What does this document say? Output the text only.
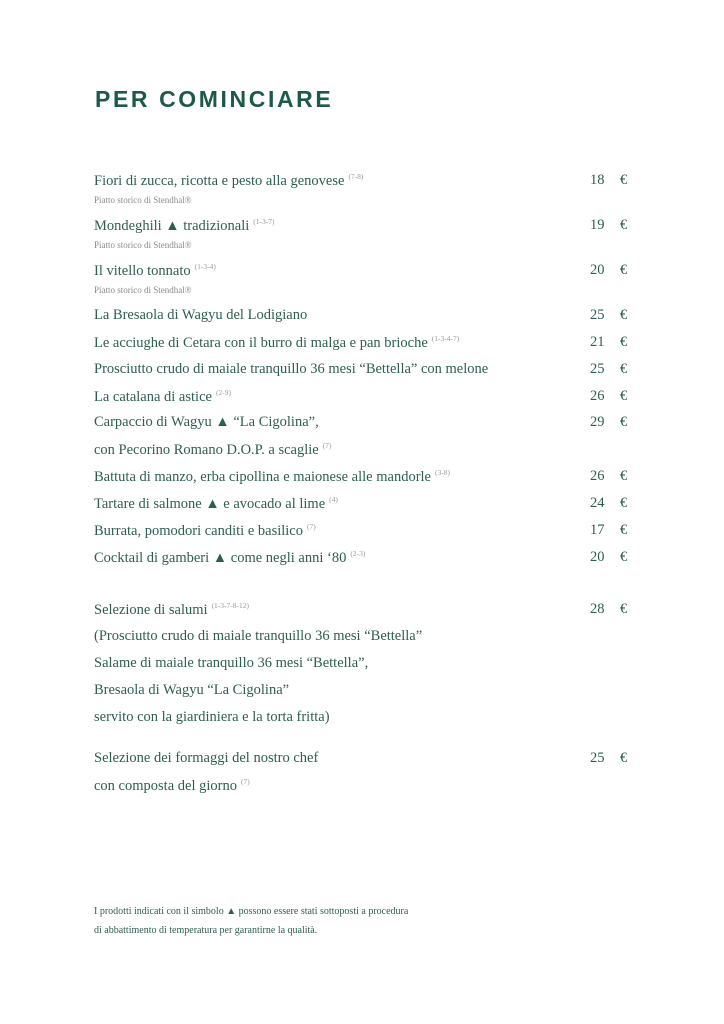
PER COMINCIARE
Fiori di zucca, ricotta e pesto alla genovese $^{(7-8)}$	18 €
Piatto storico di Stendhal®
Mondeghili ▲ tradizionali $^{(1-3-7)}$	19 €
Piatto storico di Stendhal®
Il vitello tonnato $^{(1-3-4)}$	20 €
Piatto storico di Stendhal®
La Bresaola di Wagyu del Lodigiano	25 €
Le acciughe di Cetara con il burro di malga e pan brioche $^{(1-3-4-7)}$	21 €
Prosciutto crudo di maiale tranquillo 36 mesi “Bettella” con melone	25 €
La catalana di astice $^{(2-9)}$	26 €
Carpaccio di Wagyu ▲ “La Cigolina”,	29 €
con Pecorino Romano D.O.P. a scaglie $^{(7)}$
Battuta di manzo, erba cipollina e maionese alle mandorle $^{(3-8)}$	26 €
Tartare di salmone ▲ e avocado al lime $^{(4)}$	24 €
Burrata, pomodori canditi e basilico $^{(7)}$	17 €
Cocktail di gamberi ▲ come negli anni ‘80 $^{(2-3)}$	20 €
Selezione di salumi $^{(1-3-7-8-12)}$	28 €
(Prosciutto crudo di maiale tranquillo 36 mesi “Bettella”
Salame di maiale tranquillo 36 mesi “Bettella”,
Bresaola di Wagyu “La Cigolina”
servito con la giardiniera e la torta fritta)
Selezione dei formaggi del nostro chef	25 €
con composta del giorno $^{(7)}$
I prodotti indicati con il simbolo ▲ possono essere stati sottoposti a procedura
di abbattimento di temperatura per garantirne la qualità.
